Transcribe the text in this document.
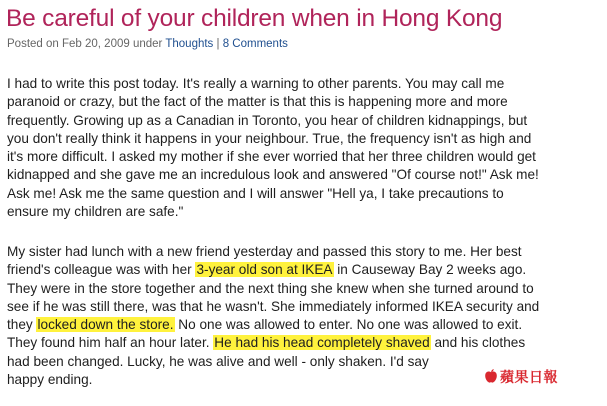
Be careful of your children when in Hong Kong
Posted on Feb 20, 2009 under Thoughts | 8 Comments
I had to write this post today. It's really a warning to other parents. You may call me
paranoid or crazy, but the fact of the matter is that this is happening more and more
frequently. Growing up as a Canadian in Toronto, you hear of children kidnappings, but
you don't really think it happens in your neighbour. True, the frequency isn't as high and
it's more difficult. I asked my mother if she ever worried that her three children would get
kidnapped and she gave me an incredulous look and answered "Of course not!" Ask me!
Ask me! Ask me the same question and I will answer "Hell ya, I take precautions to
ensure my children are safe."
My sister had lunch with a new friend yesterday and passed this story to me. Her best
friend's colleague was with her 3-year old son at IKEA in Causeway Bay 2 weeks ago.
They were in the store together and the next thing she knew when she turned around to
see if he was still there, was that he wasn't. She immediately informed IKEA security and
they locked down the store. No one was allowed to enter. No one was allowed to exit.
They found him half an hour later. He had his head completely shaved and his clothes
had been changed. Lucky, he was alive and well - only shaken. I'd say
happy ending.	蘋果日報
